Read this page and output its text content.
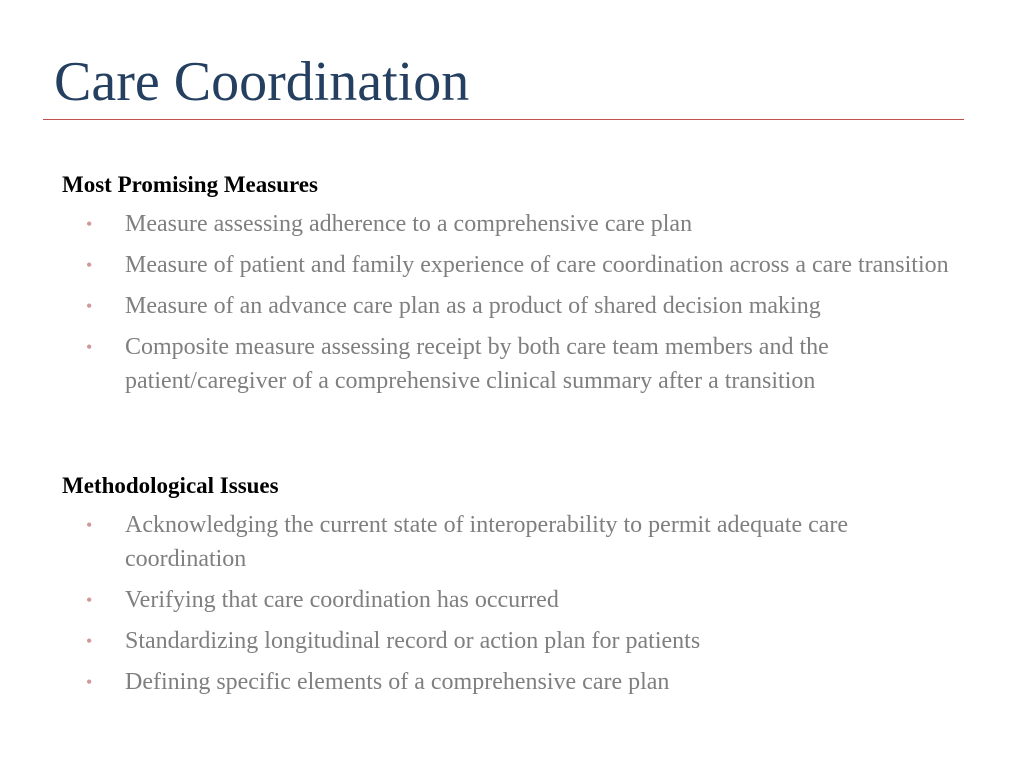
Care Coordination
Most Promising Measures
•	Measure assessing adherence to a comprehensive care plan
•	Measure of patient and family experience of care coordination across a care transition
•	Measure of an advance care plan as a product of shared decision making
•	Composite measure assessing receipt by both care team members and the patient/caregiver of a comprehensive clinical summary after a transition
Methodological Issues
•	Acknowledging the current state of interoperability to permit adequate care coordination
•	Verifying that care coordination has occurred
•	Standardizing longitudinal record or action plan for patients
•	Defining specific elements of a comprehensive care plan
